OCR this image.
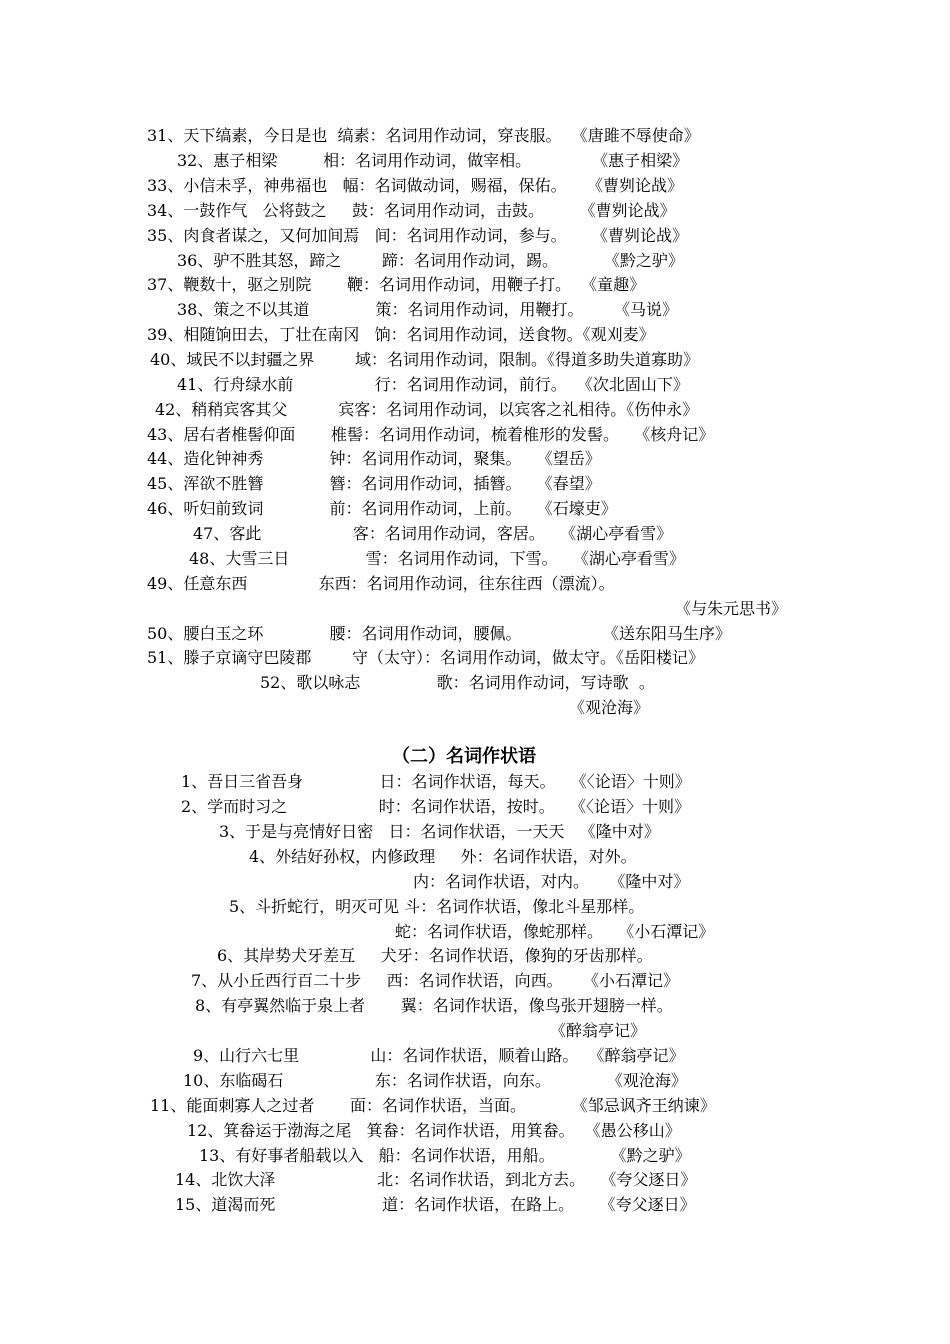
31、天下缟素，今日是也  缟素：名词用作动词，穿丧服。  《唐雎不辱使命》
32、惠子相梁         相：名词用作动词，做宰相。            《惠子相梁》
33、小信未孚，神弗福也   幅：名词做动词，赐福，保佑。    《曹刿论战》
34、一鼓作气   公将鼓之     鼓：名词用作动词，击鼓。       《曹刿论战》
35、肉食者谋之，又何加间焉   间：名词用作动词，参与。     《曹刿论战》
36、驴不胜其怒，蹄之        蹄：名词用作动词，踢。         《黔之驴》
37、鞭数十，驱之别院       鞭：名词用作动词，用鞭子打。  《童趣》
38、策之不以其道             策：名词用作动词，用鞭打。      《马说》
39、相随饷田去，丁壮在南冈   饷：名词用作动词，送食物。《观刈麦》
40、域民不以封疆之界        域：名词用作动词，限制。《得道多助失道寡助》
41、行舟绿水前                行：名词用作动词，前行。  《次北固山下》
42、稍稍宾客其父          宾客：名词用作动词，以宾客之礼相待。《伤仲永》
43、居右者椎髻仰面       椎髻：名词用作动词，梳着椎形的发髻。   《核舟记》
44、造化钟神秀             钟：名词用作动词，聚集。   《望岳》
45、浑欲不胜簪             簪：名词用作动词，插簪。   《春望》
46、听妇前致词             前：名词用作动词，上前。   《石壕吏》
47、客此                  客：名词用作动词，客居。   《湖心亭看雪》
48、大雪三日               雪：名词用作动词，下雪。   《湖心亭看雪》
49、任意东西              东西：名词用作动词，往东往西（漂流）。
《与朱元思书》
50、腰白玉之环             腰：名词用作动词，腰佩。                《送东阳马生序》
51、滕子京谪守巴陵郡        守（太守）：名词用作动词，做太守。《岳阳楼记》
52、歌以咏志               歌：名词用作动词，写诗歌  。
《观沧海》
（二）名词作状语
1、吾日三省吾身               日：名词作状语，每天。   《〈论语〉十则》
2、学而时习之                  时：名词作状语，按时。   《〈论语〉十则》
3、于是与亮情好日密   日：名词作状语，一天天   《隆中对》
4、外结好孙权，内修政理     外：名词作状语，对外。
内：名词作状语，对内。    《隆中对》
5、斗折蛇行，明灭可见 斗：名词作状语，像北斗星那样。
蛇：名词作状语，像蛇那样。   《小石潭记》
6、其岸势犬牙差互     犬牙：名词作状语，像狗的牙齿那样。
7、从小丘西行百二十步     西：名词作状语，向西。    《小石潭记》
8、有亭翼然临于泉上者       翼：名词作状语，像鸟张开翅膀一样。
《醉翁亭记》
9、山行六七里              山：名词作状语，顺着山路。  《醉翁亭记》
10、东临碣石                  东：名词作状语，向东。           《观沧海》
11、能面刺寡人之过者       面：名词作状语，当面。         《邹忌讽齐王纳谏》
12、箕畚运于渤海之尾   箕畚：名词作状语，用箕畚。  《愚公移山》
13、有好事者船载以入   船：名词作状语，用船。           《黔之驴》
14、北饮大泽                    北：名词作状语，到北方去。   《夸父逐日》
15、道渴而死                     道：名词作状语，在路上。     《夸父逐日》
